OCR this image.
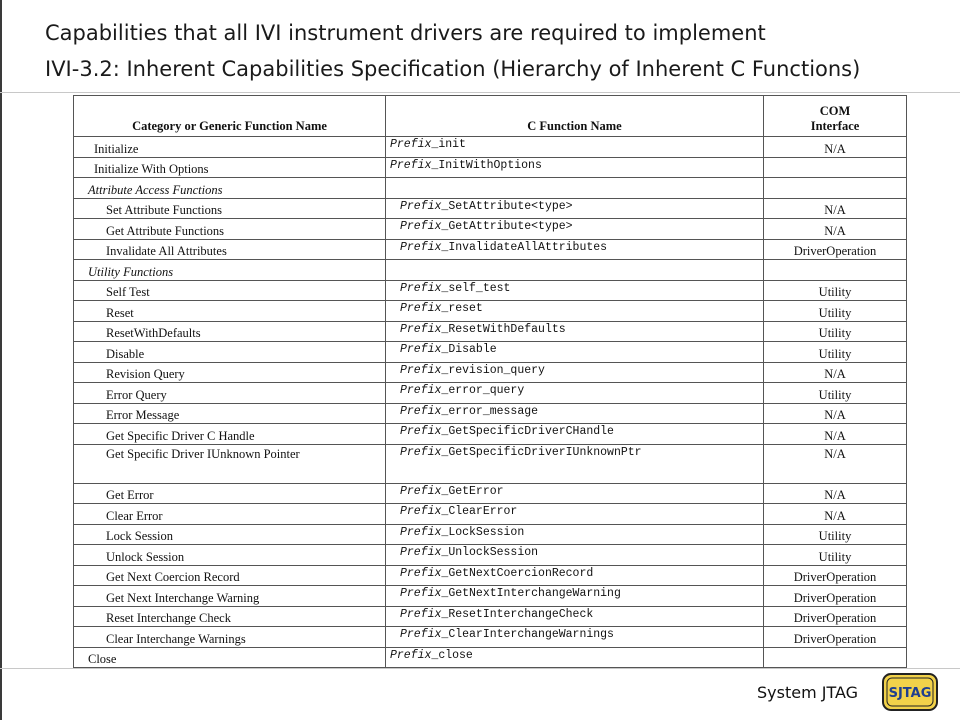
Capabilities that all IVI instrument drivers are required to implement
IVI-3.2: Inherent Capabilities Specification (Hierarchy of Inherent C Functions)
Category or Generic Function Name	C Function Name	COM
Interface
Initialize	Prefix_init	N/A
Initialize With Options	Prefix_InitWithOptions	
Attribute Access Functions		
Set Attribute Functions	Prefix_SetAttribute<type>	N/A
Get Attribute Functions	Prefix_GetAttribute<type>	N/A
Invalidate All Attributes	Prefix_InvalidateAllAttributes	DriverOperation
Utility Functions		
Self Test	Prefix_self_test	Utility
Reset	Prefix_reset	Utility
ResetWithDefaults	Prefix_ResetWithDefaults	Utility
Disable	Prefix_Disable	Utility
Revision Query	Prefix_revision_query	N/A
Error Query	Prefix_error_query	Utility
Error Message	Prefix_error_message	N/A
Get Specific Driver C Handle	Prefix_GetSpecificDriverCHandle	N/A
Get Specific Driver IUnknown Pointer	Prefix_GetSpecificDriverIUnknownPtr	N/A
Get Error	Prefix_GetError	N/A
Clear Error	Prefix_ClearError	N/A
Lock Session	Prefix_LockSession	Utility
Unlock Session	Prefix_UnlockSession	Utility
Get Next Coercion Record	Prefix_GetNextCoercionRecord	DriverOperation
Get Next Interchange Warning	Prefix_GetNextInterchangeWarning	DriverOperation
Reset Interchange Check	Prefix_ResetInterchangeCheck	DriverOperation
Clear Interchange Warnings	Prefix_ClearInterchangeWarnings	DriverOperation
Close	Prefix_close	
System JTAG SJTAG
